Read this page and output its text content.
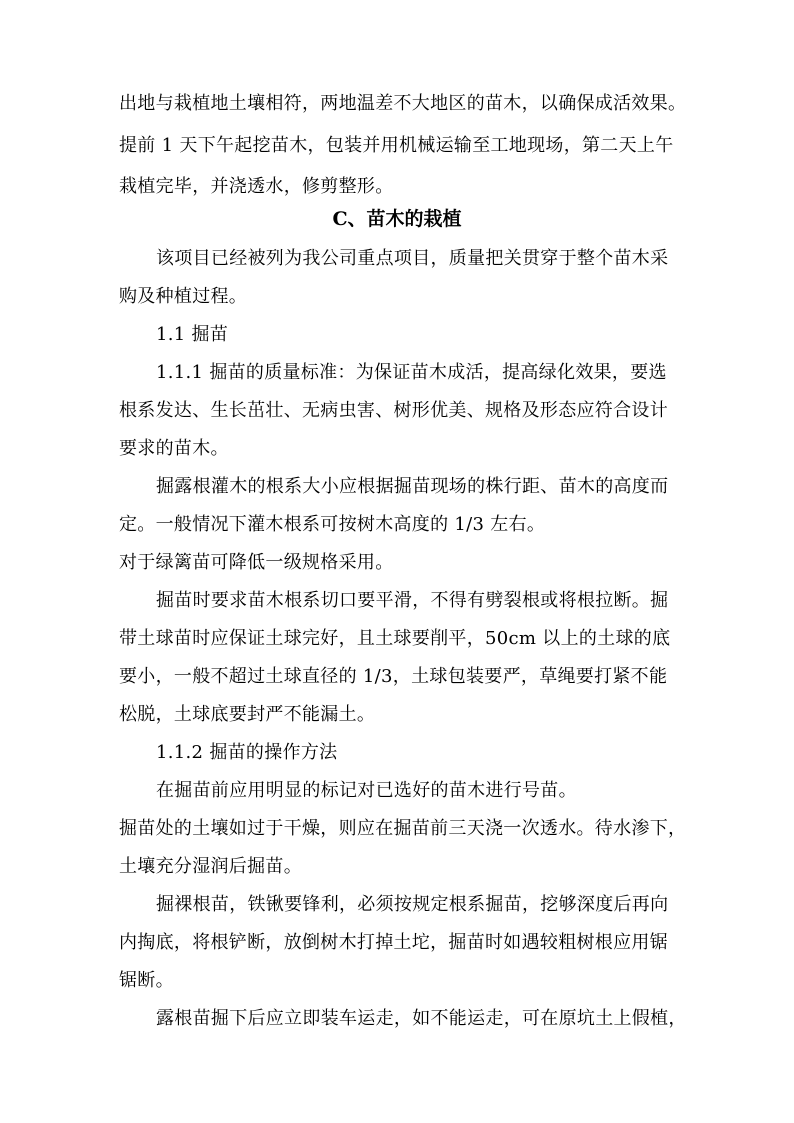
出地与栽植地土壤相符，两地温差不大地区的苗木，以确保成活效果。
提前 1 天下午起挖苗木，包装并用机械运输至工地现场，第二天上午
栽植完毕，并浇透水，修剪整形。
C、苗木的栽植
该项目已经被列为我公司重点项目，质量把关贯穿于整个苗木采
购及种植过程。
1.1 掘苗
1.1.1 掘苗的质量标准：为保证苗木成活，提高绿化效果，要选
根系发达、生长茁壮、无病虫害、树形优美、规格及形态应符合设计
要求的苗木。
掘露根灌木的根系大小应根据掘苗现场的株行距、苗木的高度而
定。一般情况下灌木根系可按树木高度的 1/3 左右。
对于绿篱苗可降低一级规格采用。
掘苗时要求苗木根系切口要平滑，不得有劈裂根或将根拉断。掘
带土球苗时应保证土球完好，且土球要削平，50cm 以上的土球的底
要小，一般不超过土球直径的 1/3，土球包装要严，草绳要打紧不能
松脱，土球底要封严不能漏土。
1.1.2 掘苗的操作方法
在掘苗前应用明显的标记对已选好的苗木进行号苗。
掘苗处的土壤如过于干燥，则应在掘苗前三天浇一次透水。待水渗下，
土壤充分湿润后掘苗。
掘裸根苗，铁锹要锋利，必须按规定根系掘苗，挖够深度后再向
内掏底，将根铲断，放倒树木打掉土坨，掘苗时如遇较粗树根应用锯
锯断。
露根苗掘下后应立即装车运走，如不能运走，可在原坑土上假植，
